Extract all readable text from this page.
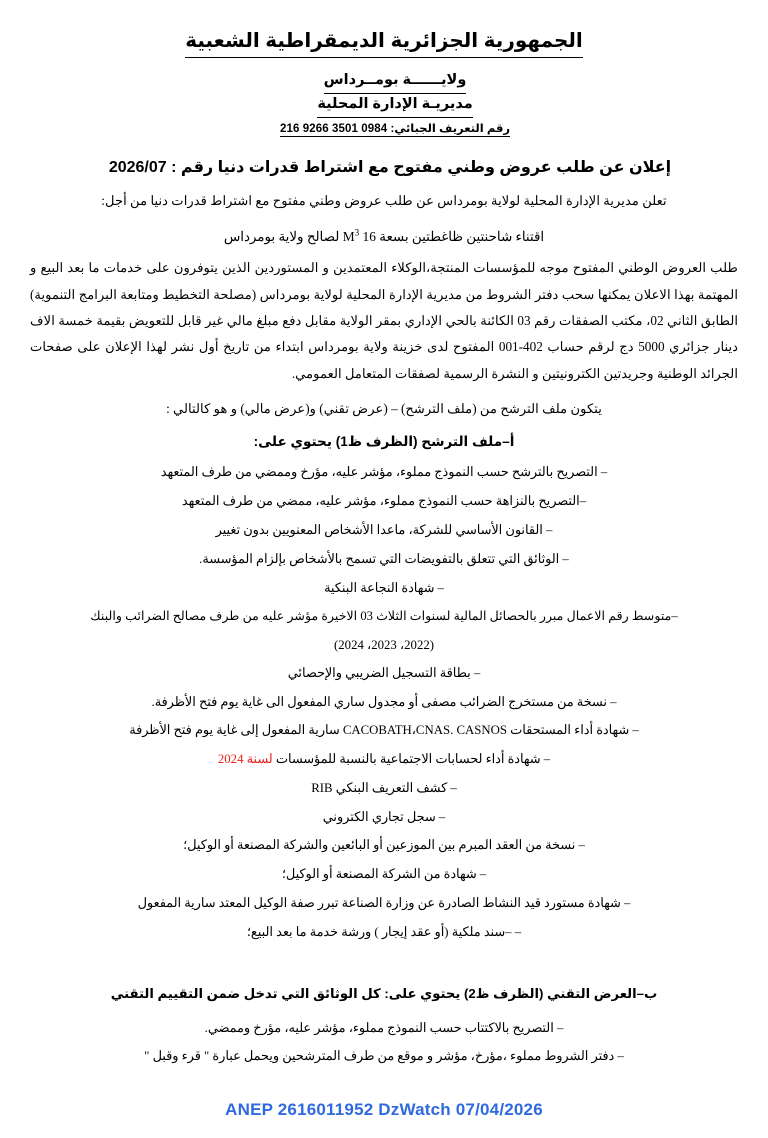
الجمهورية الجزائرية الديمقراطية الشعبية
ولايــــــة بومــرداس
مديريـة الإدارة المحلية
رقم التعريف الجبائي: 216 9266 3501 0984
إعلان عن طلب عروض وطني مفتوح مع اشتراط قدرات دنيا رقم : 2026/07
تعلن مديرية الإدارة المحلية لولاية بومرداس عن طلب عروض وطني مفتوح مع اشتراط قدرات دنيا من أجل:
اقتناء شاحنتين ظاغطتين بسعة 16 $M^3$ لصالح ولاية بومرداس
طلب العروض الوطني المفتوح موجه للمؤسسات المنتجة،الوكلاء المعتمدين و المستوردين الذين يتوفرون على خدمات ما بعد البيع و المهتمة بهذا الاعلان يمكنها سحب دفتر الشروط من مديرية الإدارة المحلية لولاية بومرداس (مصلحة التخطيط ومتابعة البرامج التنموية) الطابق الثاني 02، مكتب الصفقات رقم 03 الكائنة بالحي الإداري بمقر الولاية مقابل دفع مبلغ مالي غير قابل للتعويض بقيمة خمسة الاف دينار جزائري 5000 دج لرقم حساب 402-001 المفتوح لدى خزينة ولاية بومرداس ابتداء من تاريخ أول نشر لهذا الإعلان على صفحات الجرائد الوطنية وجريدتين الكترونيتين و النشرة الرسمية لصفقات المتعامل العمومي.
يتكون ملف الترشح من (ملف الترشح) – (عرض تقني) و(عرض مالي) و هو كالتالي :
أ–ملف الترشح (الظرف ظ1) يحتوي على:
– التصريح بالترشح حسب النموذج مملوء، مؤشر عليه، مؤرخ وممضي من طرف المتعهد
–التصريح بالنزاهة حسب النموذج مملوء، مؤشر عليه، ممضي من طرف المتعهد
– القانون الأساسي للشركة، ماعدا الأشخاص المعنويين بدون تغيير
– الوثائق التي تتعلق بالتفويضات التي تسمح بالأشخاص بإلزام المؤسسة.
– شهادة النجاعة البنكية
–متوسط رقم الاعمال مبرر بالحصائل المالية لسنوات الثلاث 03 الاخيرة مؤشر عليه من طرف مصالح الضرائب والبنك
(2022، 2023، 2024)
– بطاقة التسجيل الضريبي والإحصائي
– نسخة من مستخرج الضرائب مصفى أو مجدول ساري المفعول الى غاية يوم فتح الأظرفة.
– شهادة أداء المستحقات CACOBATH،CNAS. CASNOS سارية المفعول إلى غاية يوم فتح الأظرفة
– شهادة أداء لحسابات الاجتماعية بالنسبة للمؤسسات لسنة 2024
– كشف التعريف البنكي RIB
– سجل تجاري الكتروني
– نسخة من العقد المبرم بين الموزعين أو البائعين والشركة المصنعة أو الوكيل؛
– شهادة من الشركة المصنعة أو الوكيل؛
– شهادة مستورد قيد النشاط الصادرة عن وزارة الصناعة تبرر صفة الوكيل المعتد سارية المفعول
– –سند ملكية (أو عقد إيجار ) ورشة خدمة ما بعد البيع؛
ب–العرض التقني (الظرف ظ2) يحتوي على: كل الوثائق التي تدخل ضمن التقييم التقني
– التصريح بالاكتتاب حسب النموذج مملوء، مؤشر عليه، مؤرخ وممضي.
– دفتر الشروط مملوء ،مؤرخ، مؤشر و موقع من طرف المترشحين ويحمل عبارة " قرء وقبل "
ANEP 2616011952 DzWatch 07/04/2026
